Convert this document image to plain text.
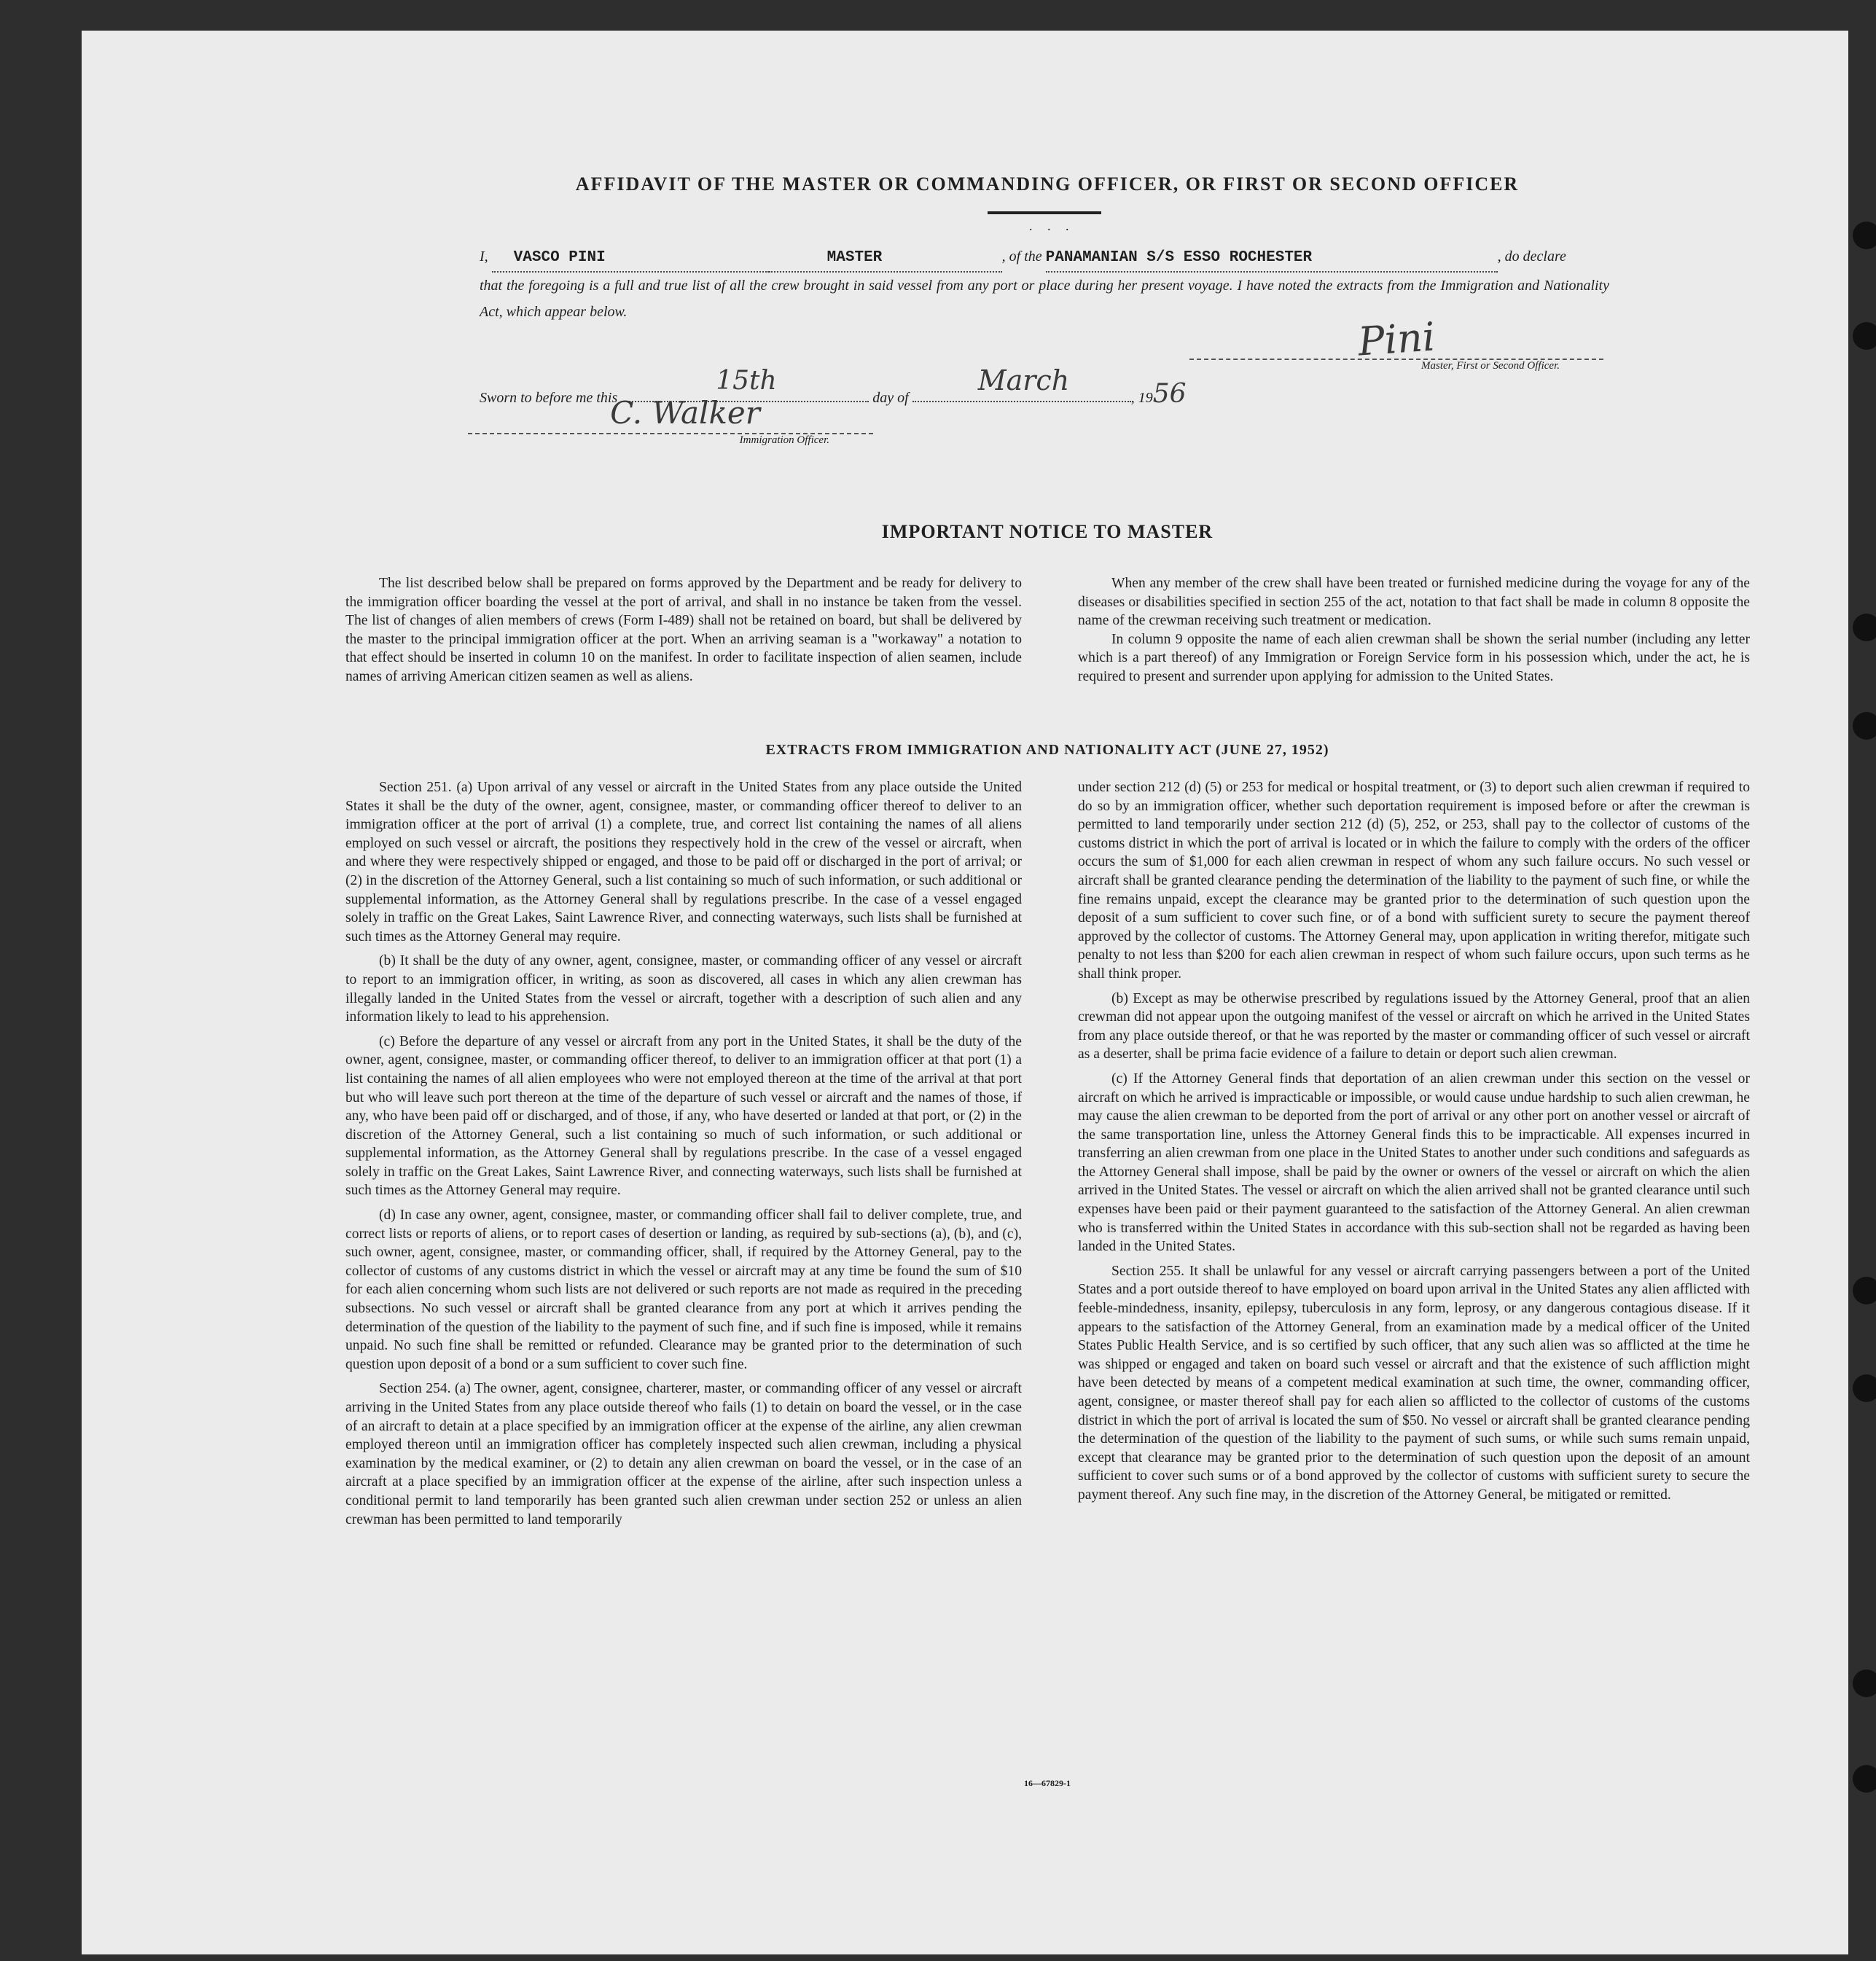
AFFIDAVIT OF THE MASTER OR COMMANDING OFFICER, OR FIRST OR SECOND OFFICER
. . .
I, VASCO PINI	MASTER	, of the PANAMANIAN S/S ESSO ROCHESTER	, do declare
that the foregoing is a full and true list of all the crew brought in said vessel from any port or place during her present voyage. I have noted the extracts from the Immigration and Nationality Act, which appear below.
Pini
Master, First or Second Officer.
Sworn to before me this
15th
day of
March
, 1956
C. Walker
Immigration Officer.
IMPORTANT NOTICE TO MASTER

The list described below shall be prepared on forms approved by the Department and be ready for delivery to the immigration officer boarding the vessel at the port of arrival, and shall in no instance be taken from the vessel. The list of changes of alien members of crews (Form I-489) shall not be retained on board, but shall be delivered by the master to the principal immigration officer at the port. When an arriving seaman is a "workaway" a notation to that effect should be inserted in column 10 on the manifest. In order to facilitate inspection of alien seamen, include names of arriving American citizen seamen as well as aliens.

When any member of the crew shall have been treated or furnished medicine during the voyage for any of the diseases or disabilities specified in section 255 of the act, notation to that fact shall be made in column 8 opposite the name of the crewman receiving such treatment or medication.

In column 9 opposite the name of each alien crewman shall be shown the serial number (including any letter which is a part thereof) of any Immigration or Foreign Service form in his possession which, under the act, he is required to present and surrender upon applying for admission to the United States.

EXTRACTS FROM IMMIGRATION AND NATIONALITY ACT (JUNE 27, 1952)

Section 251. (a) Upon arrival of any vessel or aircraft in the United States from any place outside the United States it shall be the duty of the owner, agent, consignee, master, or commanding officer thereof to deliver to an immigration officer at the port of arrival (1) a complete, true, and correct list containing the names of all aliens employed on such vessel or aircraft, the positions they respectively hold in the crew of the vessel or aircraft, when and where they were respectively shipped or engaged, and those to be paid off or discharged in the port of arrival; or (2) in the discretion of the Attorney General, such a list containing so much of such information, or such additional or supplemental information, as the Attorney General shall by regulations prescribe. In the case of a vessel engaged solely in traffic on the Great Lakes, Saint Lawrence River, and connecting waterways, such lists shall be furnished at such times as the Attorney General may require.

(b) It shall be the duty of any owner, agent, consignee, master, or commanding officer of any vessel or aircraft to report to an immigration officer, in writing, as soon as discovered, all cases in which any alien crewman has illegally landed in the United States from the vessel or aircraft, together with a description of such alien and any information likely to lead to his apprehension.

(c) Before the departure of any vessel or aircraft from any port in the United States, it shall be the duty of the owner, agent, consignee, master, or commanding officer thereof, to deliver to an immigration officer at that port (1) a list containing the names of all alien employees who were not employed thereon at the time of the arrival at that port but who will leave such port thereon at the time of the departure of such vessel or aircraft and the names of those, if any, who have been paid off or discharged, and of those, if any, who have deserted or landed at that port, or (2) in the discretion of the Attorney General, such a list containing so much of such information, or such additional or supplemental information, as the Attorney General shall by regulations prescribe. In the case of a vessel engaged solely in traffic on the Great Lakes, Saint Lawrence River, and connecting waterways, such lists shall be furnished at such times as the Attorney General may require.

(d) In case any owner, agent, consignee, master, or commanding officer shall fail to deliver complete, true, and correct lists or reports of aliens, or to report cases of desertion or landing, as required by sub-sections (a), (b), and (c), such owner, agent, consignee, master, or commanding officer, shall, if required by the Attorney General, pay to the collector of customs of any customs district in which the vessel or aircraft may at any time be found the sum of $10 for each alien concerning whom such lists are not delivered or such reports are not made as required in the preceding subsections. No such vessel or aircraft shall be granted clearance from any port at which it arrives pending the determination of the question of the liability to the payment of such fine, and if such fine is imposed, while it remains unpaid. No such fine shall be remitted or refunded. Clearance may be granted prior to the determination of such question upon deposit of a bond or a sum sufficient to cover such fine.

Section 254. (a) The owner, agent, consignee, charterer, master, or commanding officer of any vessel or aircraft arriving in the United States from any place outside thereof who fails (1) to detain on board the vessel, or in the case of an aircraft to detain at a place specified by an immigration officer at the expense of the airline, any alien crewman employed thereon until an immigration officer has completely inspected such alien crewman, including a physical examination by the medical examiner, or (2) to detain any alien crewman on board the vessel, or in the case of an aircraft at a place specified by an immigration officer at the expense of the airline, after such inspection unless a conditional permit to land temporarily has been granted such alien crewman under section 252 or unless an alien crewman has been permitted to land temporarily

under section 212 (d) (5) or 253 for medical or hospital treatment, or (3) to deport such alien crewman if required to do so by an immigration officer, whether such deportation requirement is imposed before or after the crewman is permitted to land temporarily under section 212 (d) (5), 252, or 253, shall pay to the collector of customs of the customs district in which the port of arrival is located or in which the failure to comply with the orders of the officer occurs the sum of $1,000 for each alien crewman in respect of whom any such failure occurs. No such vessel or aircraft shall be granted clearance pending the determination of the liability to the payment of such fine, or while the fine remains unpaid, except the clearance may be granted prior to the determination of such question upon the deposit of a sum sufficient to cover such fine, or of a bond with sufficient surety to secure the payment thereof approved by the collector of customs. The Attorney General may, upon application in writing therefor, mitigate such penalty to not less than $200 for each alien crewman in respect of whom such failure occurs, upon such terms as he shall think proper.

(b) Except as may be otherwise prescribed by regulations issued by the Attorney General, proof that an alien crewman did not appear upon the outgoing manifest of the vessel or aircraft on which he arrived in the United States from any place outside thereof, or that he was reported by the master or commanding officer of such vessel or aircraft as a deserter, shall be prima facie evidence of a failure to detain or deport such alien crewman.

(c) If the Attorney General finds that deportation of an alien crewman under this section on the vessel or aircraft on which he arrived is impracticable or impossible, or would cause undue hardship to such alien crewman, he may cause the alien crewman to be deported from the port of arrival or any other port on another vessel or aircraft of the same transportation line, unless the Attorney General finds this to be impracticable. All expenses incurred in transferring an alien crewman from one place in the United States to another under such conditions and safeguards as the Attorney General shall impose, shall be paid by the owner or owners of the vessel or aircraft on which the alien arrived in the United States. The vessel or aircraft on which the alien arrived shall not be granted clearance until such expenses have been paid or their payment guaranteed to the satisfaction of the Attorney General. An alien crewman who is transferred within the United States in accordance with this sub-section shall not be regarded as having been landed in the United States.

Section 255. It shall be unlawful for any vessel or aircraft carrying passengers between a port of the United States and a port outside thereof to have employed on board upon arrival in the United States any alien afflicted with feeble-mindedness, insanity, epilepsy, tuberculosis in any form, leprosy, or any dangerous contagious disease. If it appears to the satisfaction of the Attorney General, from an examination made by a medical officer of the United States Public Health Service, and is so certified by such officer, that any such alien was so afflicted at the time he was shipped or engaged and taken on board such vessel or aircraft and that the existence of such affliction might have been detected by means of a competent medical examination at such time, the owner, commanding officer, agent, consignee, or master thereof shall pay for each alien so afflicted to the collector of customs of the customs district in which the port of arrival is located the sum of $50. No vessel or aircraft shall be granted clearance pending the determination of the question of the liability to the payment of such sums, or while such sums remain unpaid, except that clearance may be granted prior to the determination of such question upon the deposit of an amount sufficient to cover such sums or of a bond approved by the collector of customs with sufficient surety to secure the payment thereof. Any such fine may, in the discretion of the Attorney General, be mitigated or remitted.

16—67829-1
